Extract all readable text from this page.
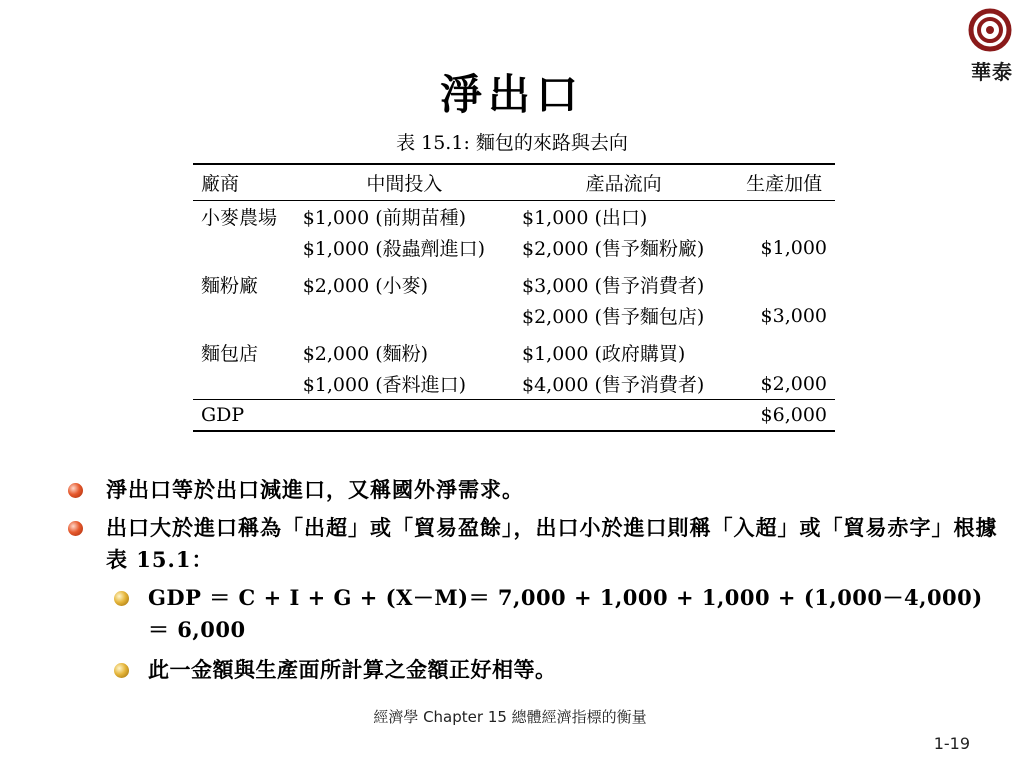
華泰
淨出口
表 15.1: 麵包的來路與去向
廠商	中間投入	產品流向	生產加值
小麥農場	$1,000 (前期苗種)	$1,000 (出口)	
	$1,000 (殺蟲劑進口)	$2,000 (售予麵粉廠)	$1,000

麵粉廠	$2,000 (小麥)	$3,000 (售予消費者)	
		$2,000 (售予麵包店)	$3,000

麵包店	$2,000 (麵粉)	$1,000 (政府購買)	
	$1,000 (香料進口)	$4,000 (售予消費者)	$2,000
GDP			$6,000
淨出口等於出口減進口，又稱國外淨需求。
出口大於進口稱為「出超」或「貿易盈餘」，出口小於進口則稱「入超」或「貿易赤字」根據表 15.1：
GDP ＝ C + I + G + (X－M)＝ 7,000 + 1,000 + 1,000 + (1,000－4,000) ＝ 6,000
此一金額與生產面所計算之金額正好相等。
經濟學 Chapter 15 總體經濟指標的衡量
1-19
